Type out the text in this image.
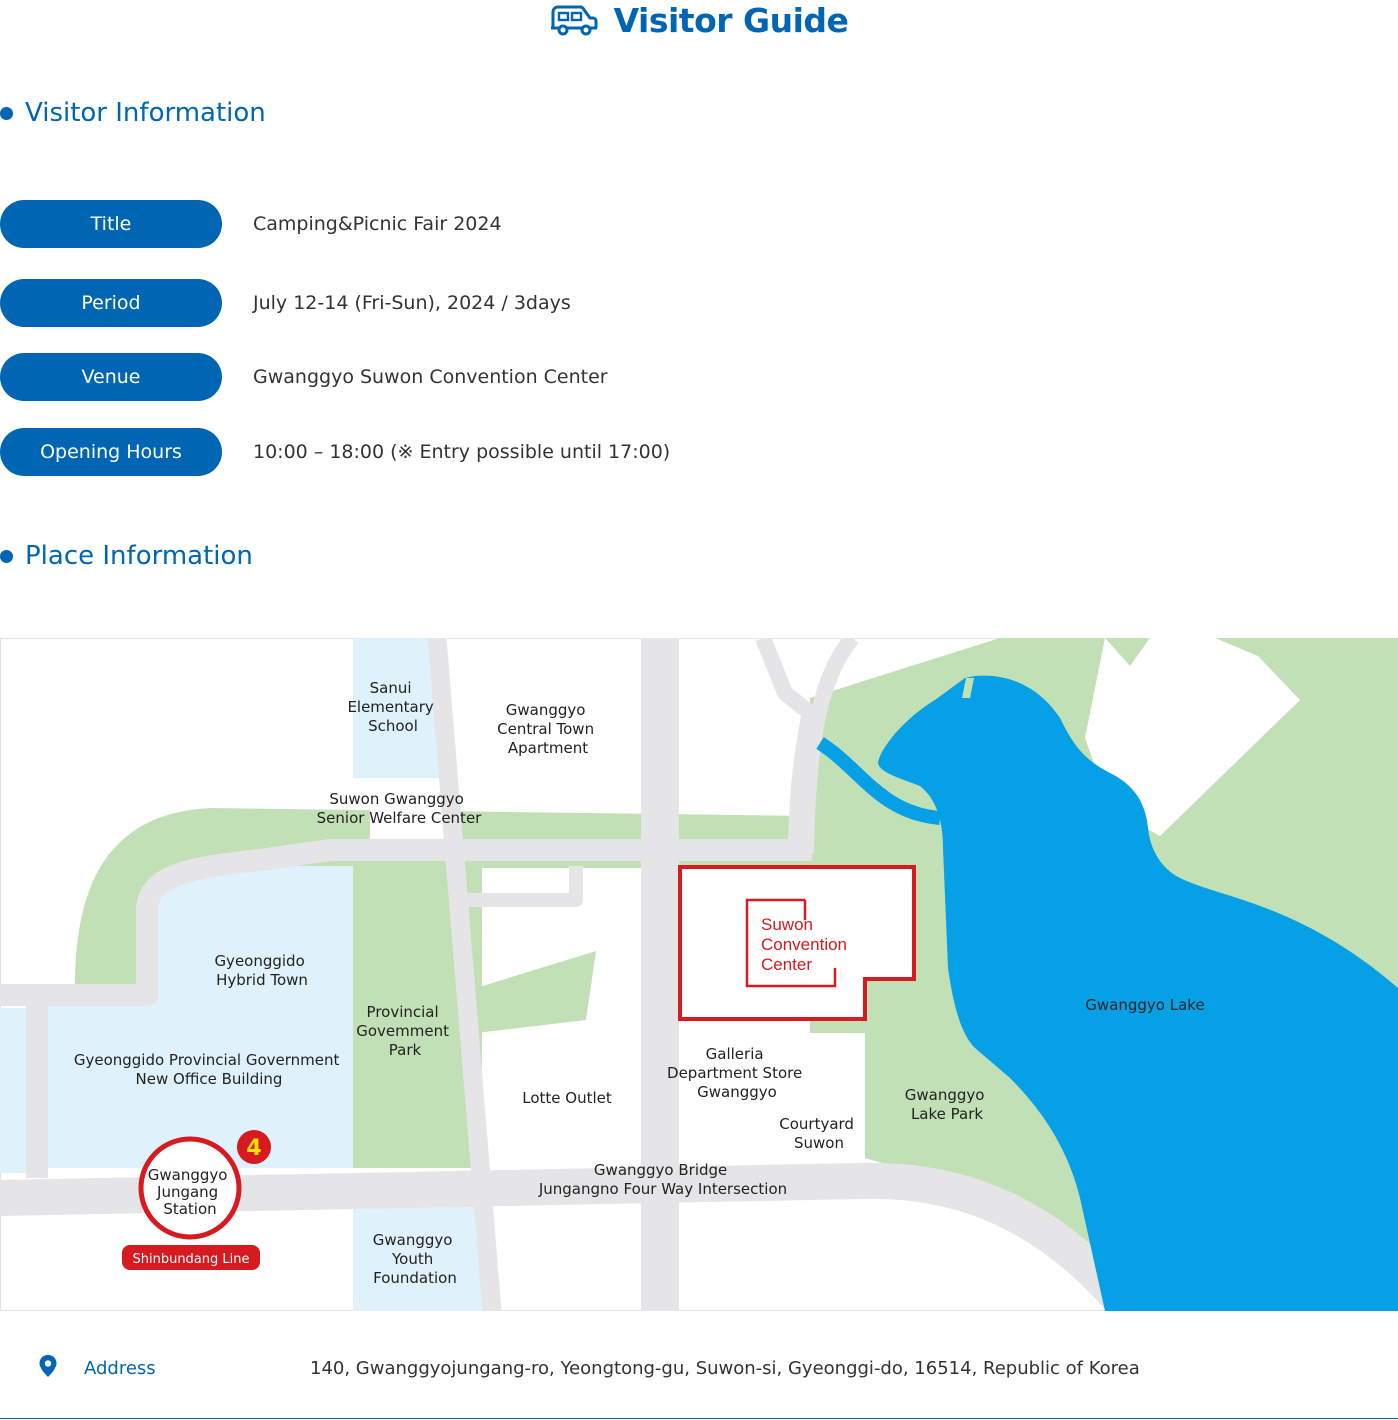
Visitor Guide
Visitor Information
Title	Camping&Picnic Fair 2024
Period	July 12-14 (Fri-Sun), 2024 / 3days
Venue	Gwanggyo Suwon Convention Center
Opening Hours	10:00 – 18:00 (※ Entry possible until 17:00)
Place Information
Suwon
Convention
Center
Sanui Elementary School
Gwanggyo Central Town Apartment
Suwon Gwanggyo Senior Welfare Center
Gyeonggido Hybrid Town
Provincial Govemment Park
Gyeonggido Provincial Government New Office Building
Lotte Outlet
Galleria Department Store Gwanggyo
Courtyard Suwon
Gwanggyo Lake Park
Gwanggyo Lake
Gwanggyo Bridge Jungangno Four Way Intersection
Gwanggyo Youth Foundation
Gwanggyo Jungang Station
4
Shinbundang Line
Address	140, Gwanggyojungang-ro, Yeongtong-gu, Suwon-si, Gyeonggi-do, 16514, Republic of Korea
